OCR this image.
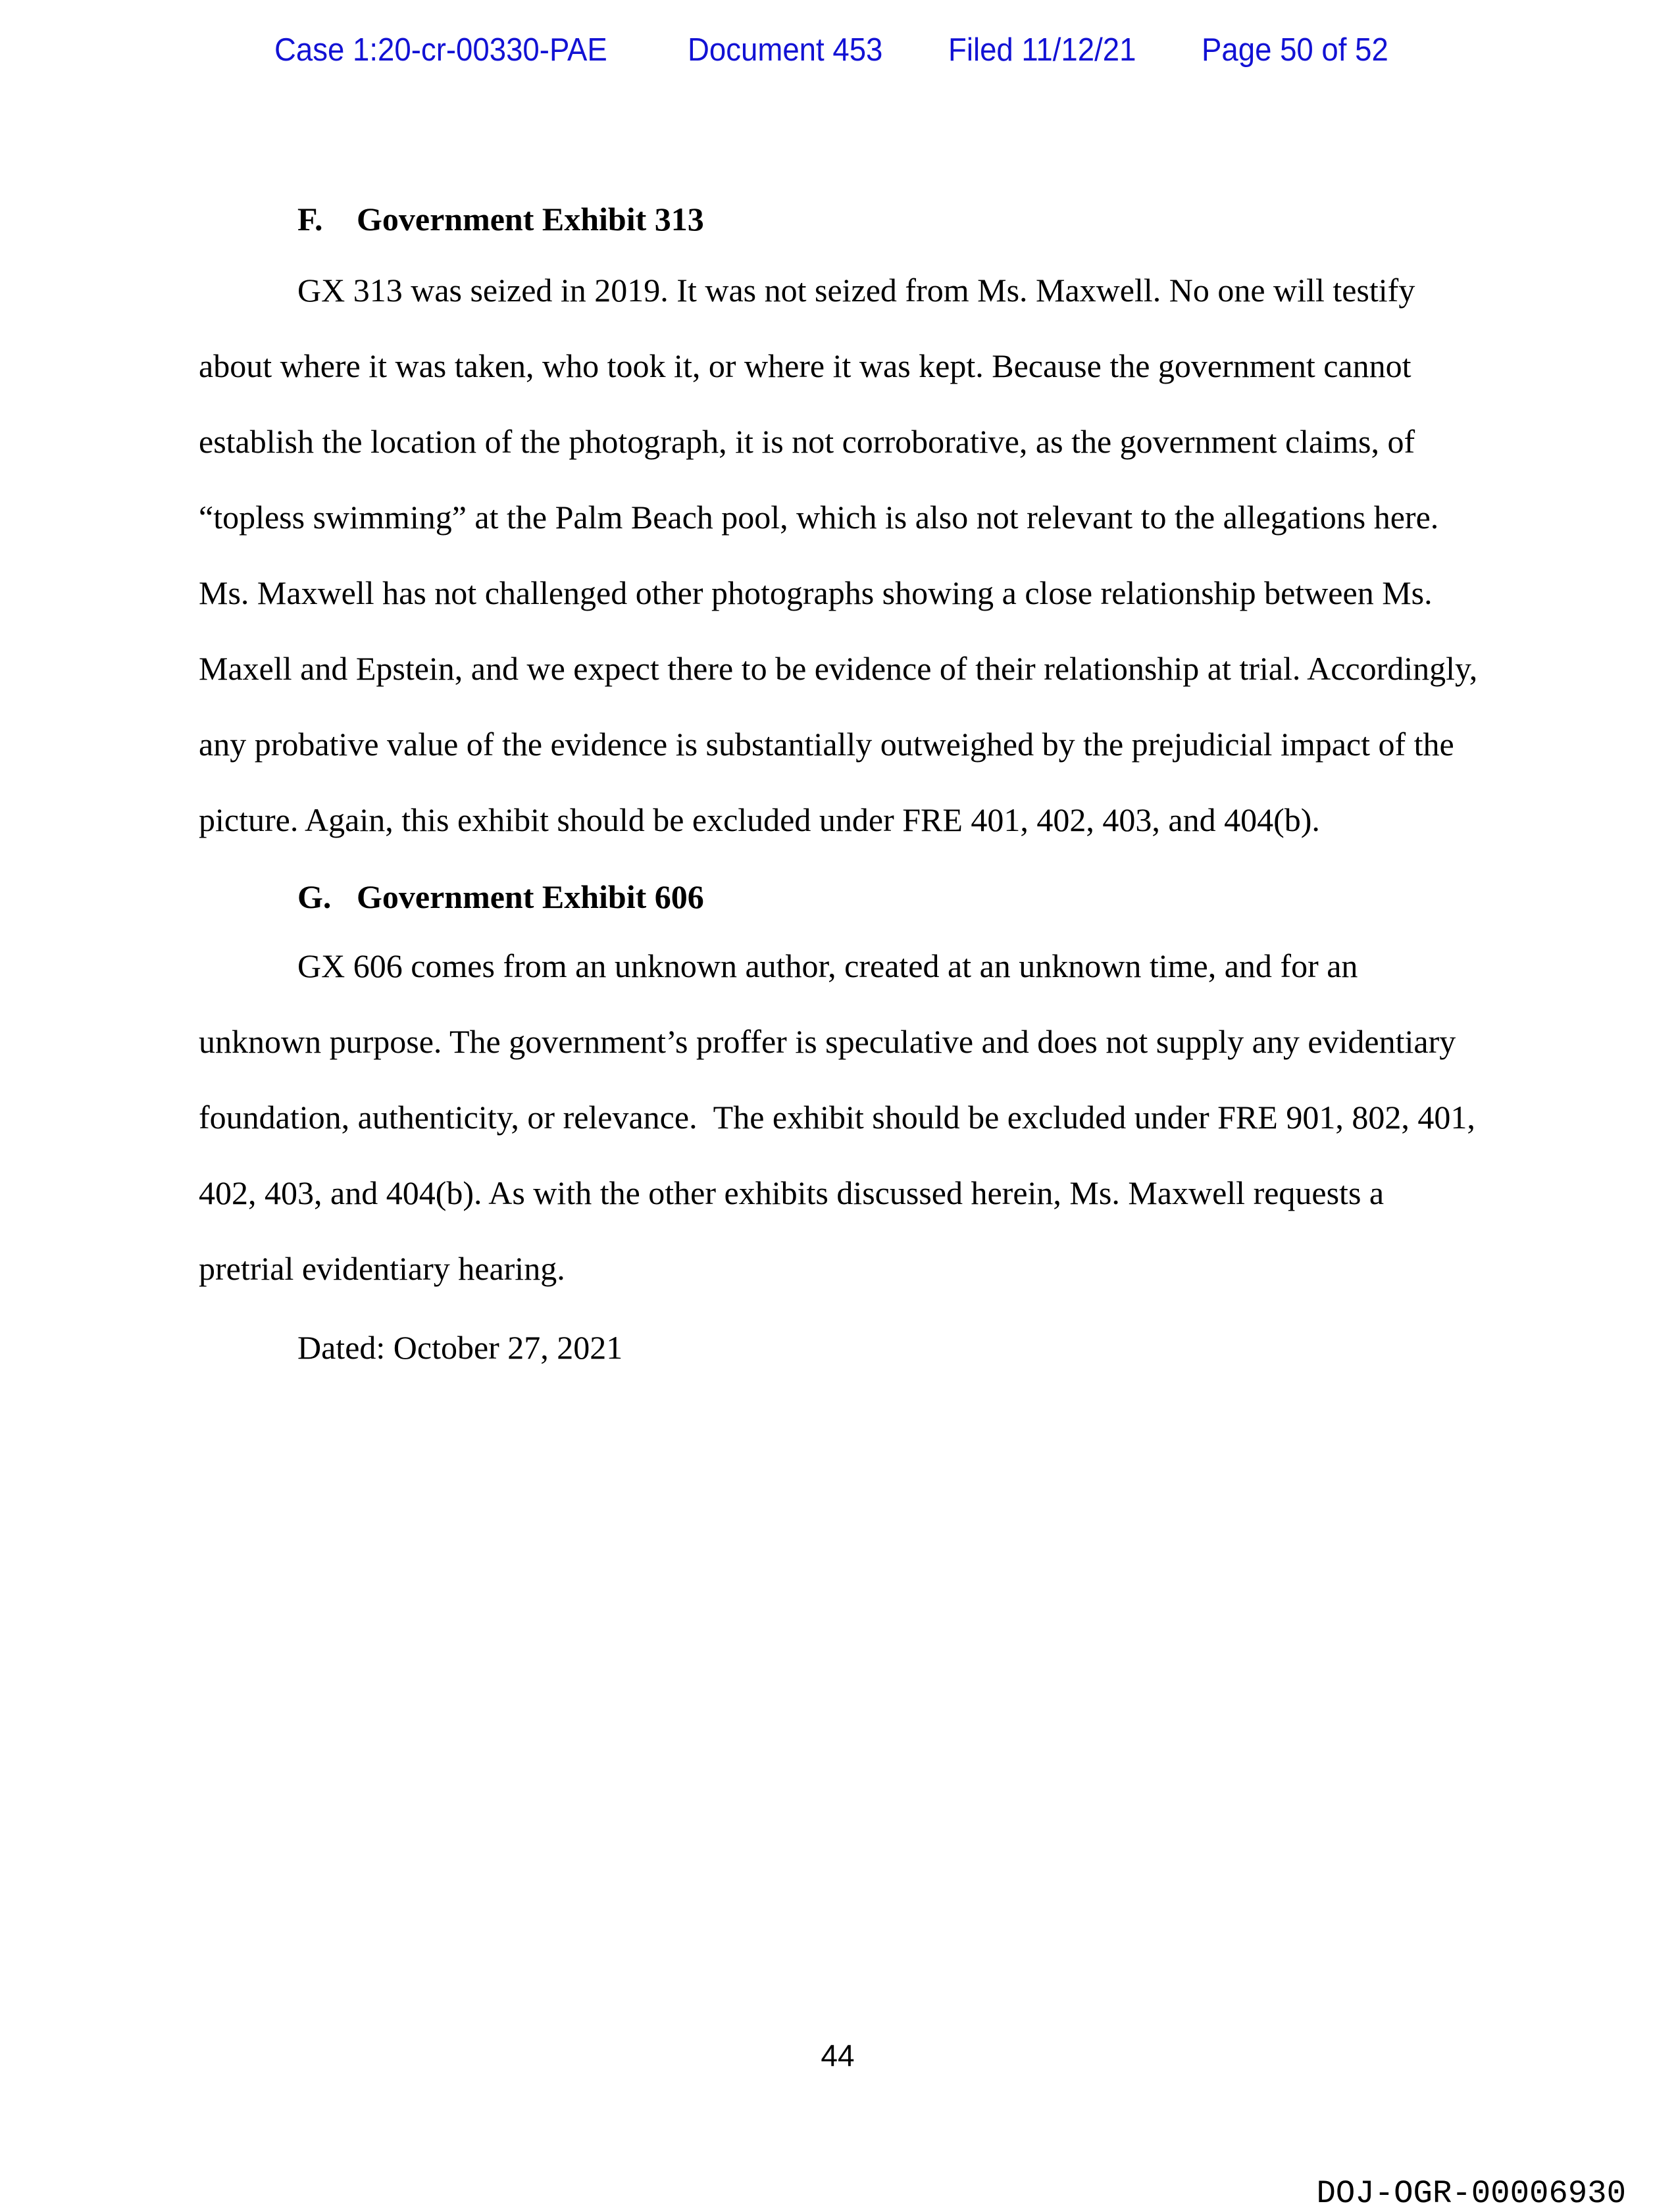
Case 1:20-cr-00330-PAE Document 453 Filed 11/12/21 Page 50 of 52
F. Government Exhibit 313
GX 313 was seized in 2019. It was not seized from Ms. Maxwell. No one will testify
about where it was taken, who took it, or where it was kept. Because the government cannot
establish the location of the photograph, it is not corroborative, as the government claims, of
“topless swimming” at the Palm Beach pool, which is also not relevant to the allegations here.
Ms. Maxwell has not challenged other photographs showing a close relationship between Ms.
Maxell and Epstein, and we expect there to be evidence of their relationship at trial. Accordingly,
any probative value of the evidence is substantially outweighed by the prejudicial impact of the
picture. Again, this exhibit should be excluded under FRE 401, 402, 403, and 404(b).
G. Government Exhibit 606
GX 606 comes from an unknown author, created at an unknown time, and for an
unknown purpose. The government’s proffer is speculative and does not supply any evidentiary
foundation, authenticity, or relevance.  The exhibit should be excluded under FRE 901, 802, 401,
402, 403, and 404(b). As with the other exhibits discussed herein, Ms. Maxwell requests a
pretrial evidentiary hearing.
Dated: October 27, 2021
44
DOJ-OGR-00006930
